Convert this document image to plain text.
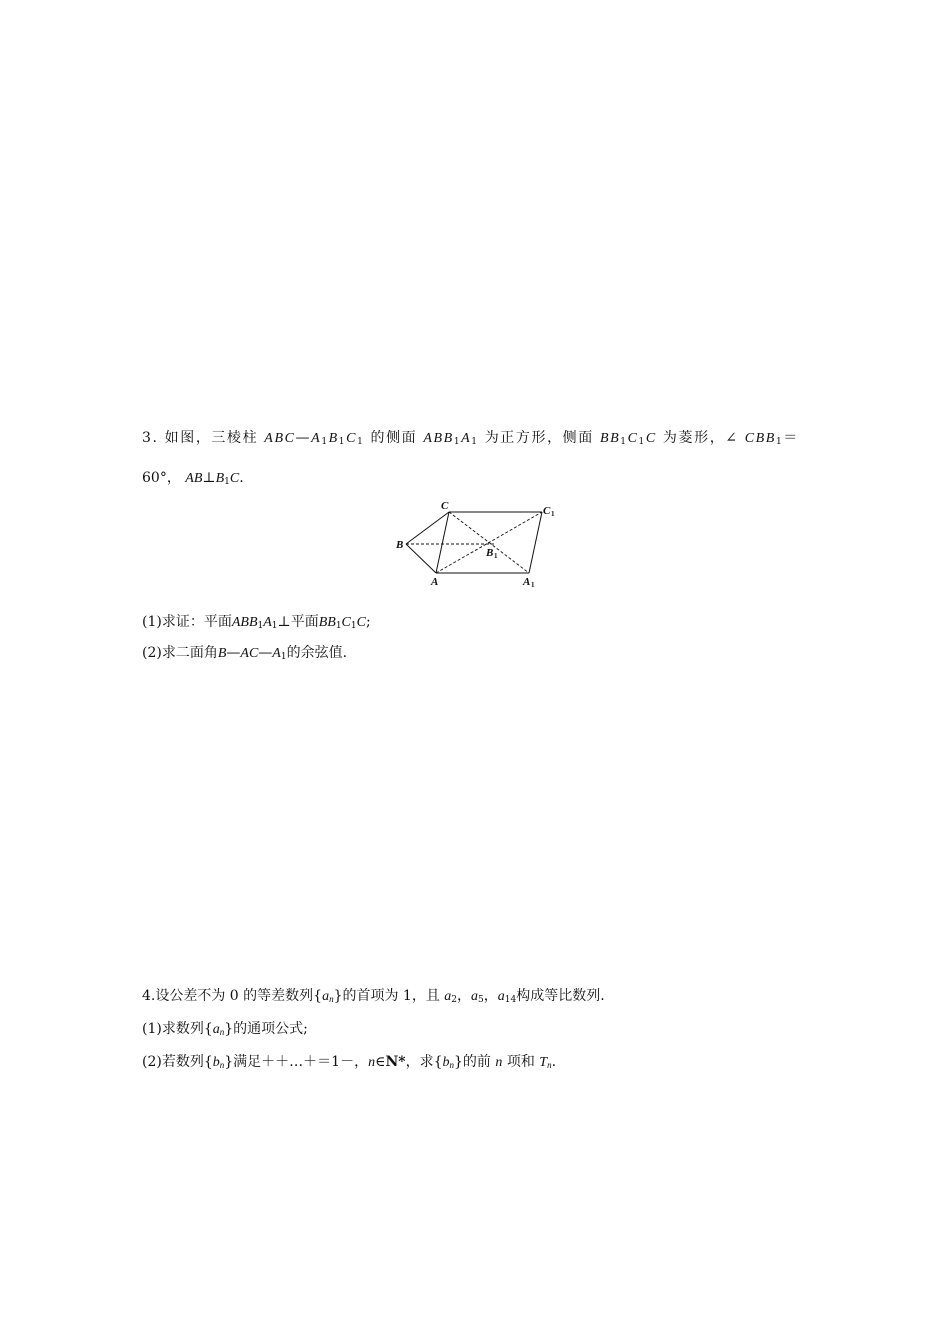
3. 如图，三棱柱 $ABC—A_1B_1C_1$ 的侧面 $ABB_1A_1$ 为正方形，侧面 $BB_1C_1C$ 为菱形，∠ $CBB_1=$
60°， $AB\perp B_1C$.
C	C 1
B
B 1
A	A 1
(1)求证：平面$ABB_1A_1\perp$平面$BB_1C_1C$;
(2)求二面角$B—AC—A_1$的余弦值.
4.设公差不为 0 的等差数列$\{a_n\}$的首项为 1，且 $a_2$，$a_5$，$a_{14}$构成等比数列.
(1)求数列$\{a_n\}$的通项公式;
(2)若数列$\{b_n\}$满足＋＋…＋＝1－，n∈N*，求$\{b_n\}$的前 n 项和 $T_n$.
